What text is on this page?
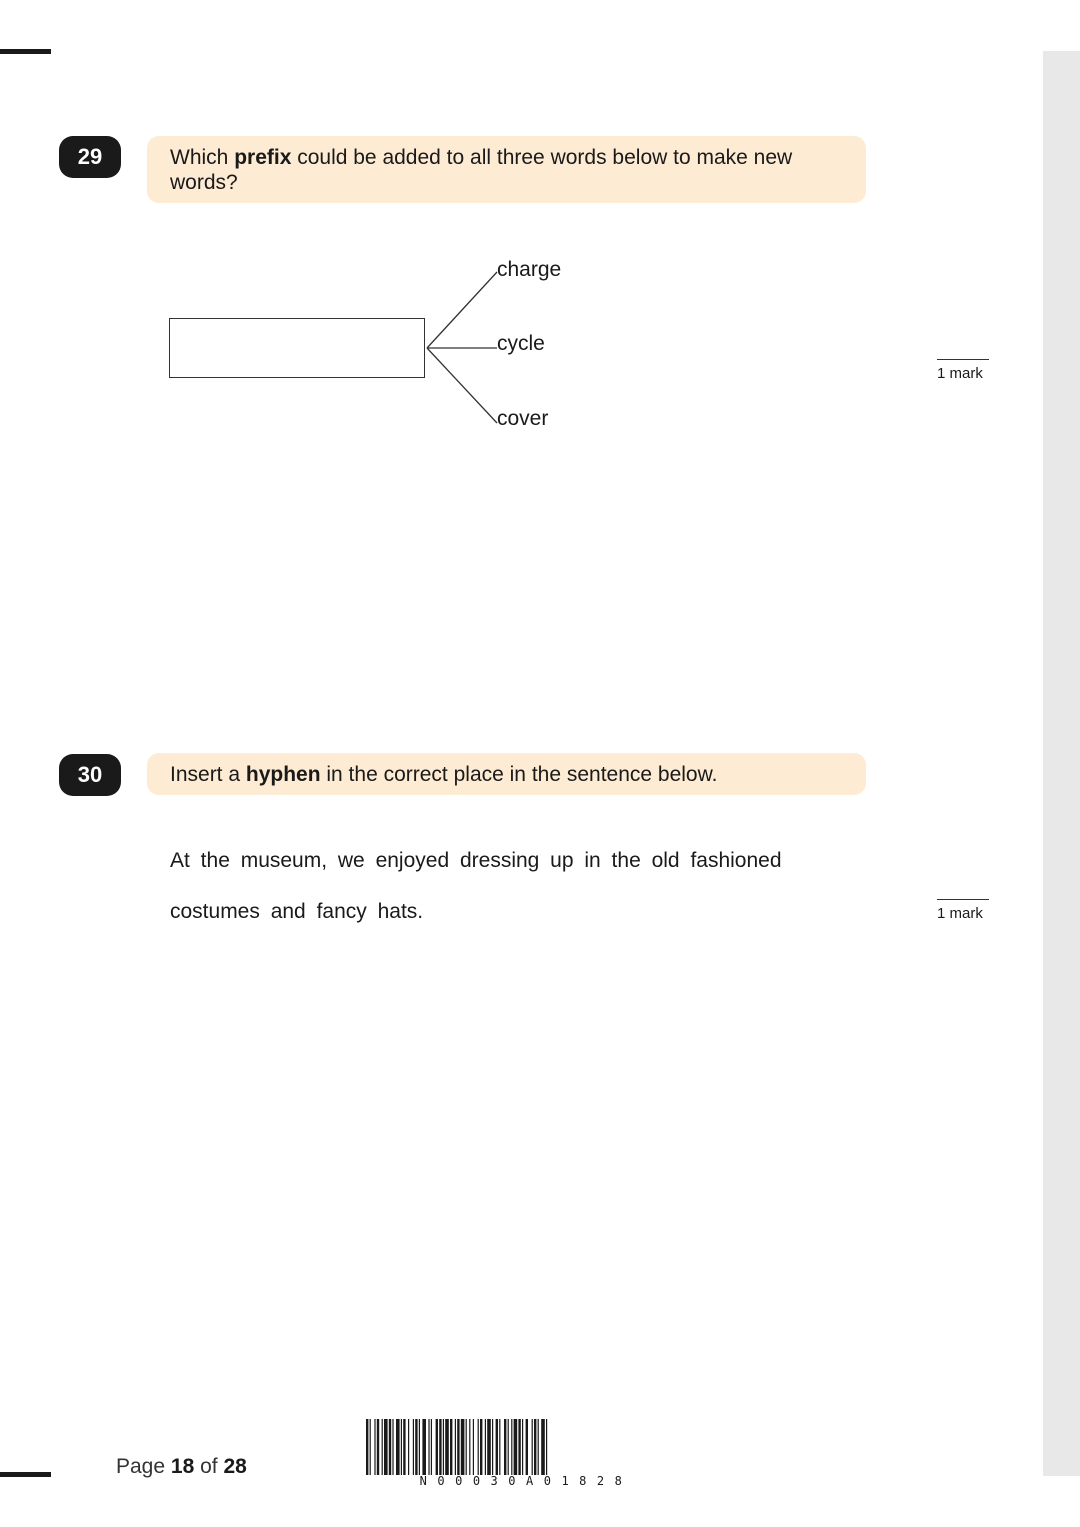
29	Which prefix could be added to all three words below to make new words?
charge
cycle
cover
1 mark
30	Insert a hyphen in the correct place in the sentence below.
At the museum, we enjoyed dressing up in the old fashioned
costumes and fancy hats.	1 mark
Page 18 of 28
N00030A01828
